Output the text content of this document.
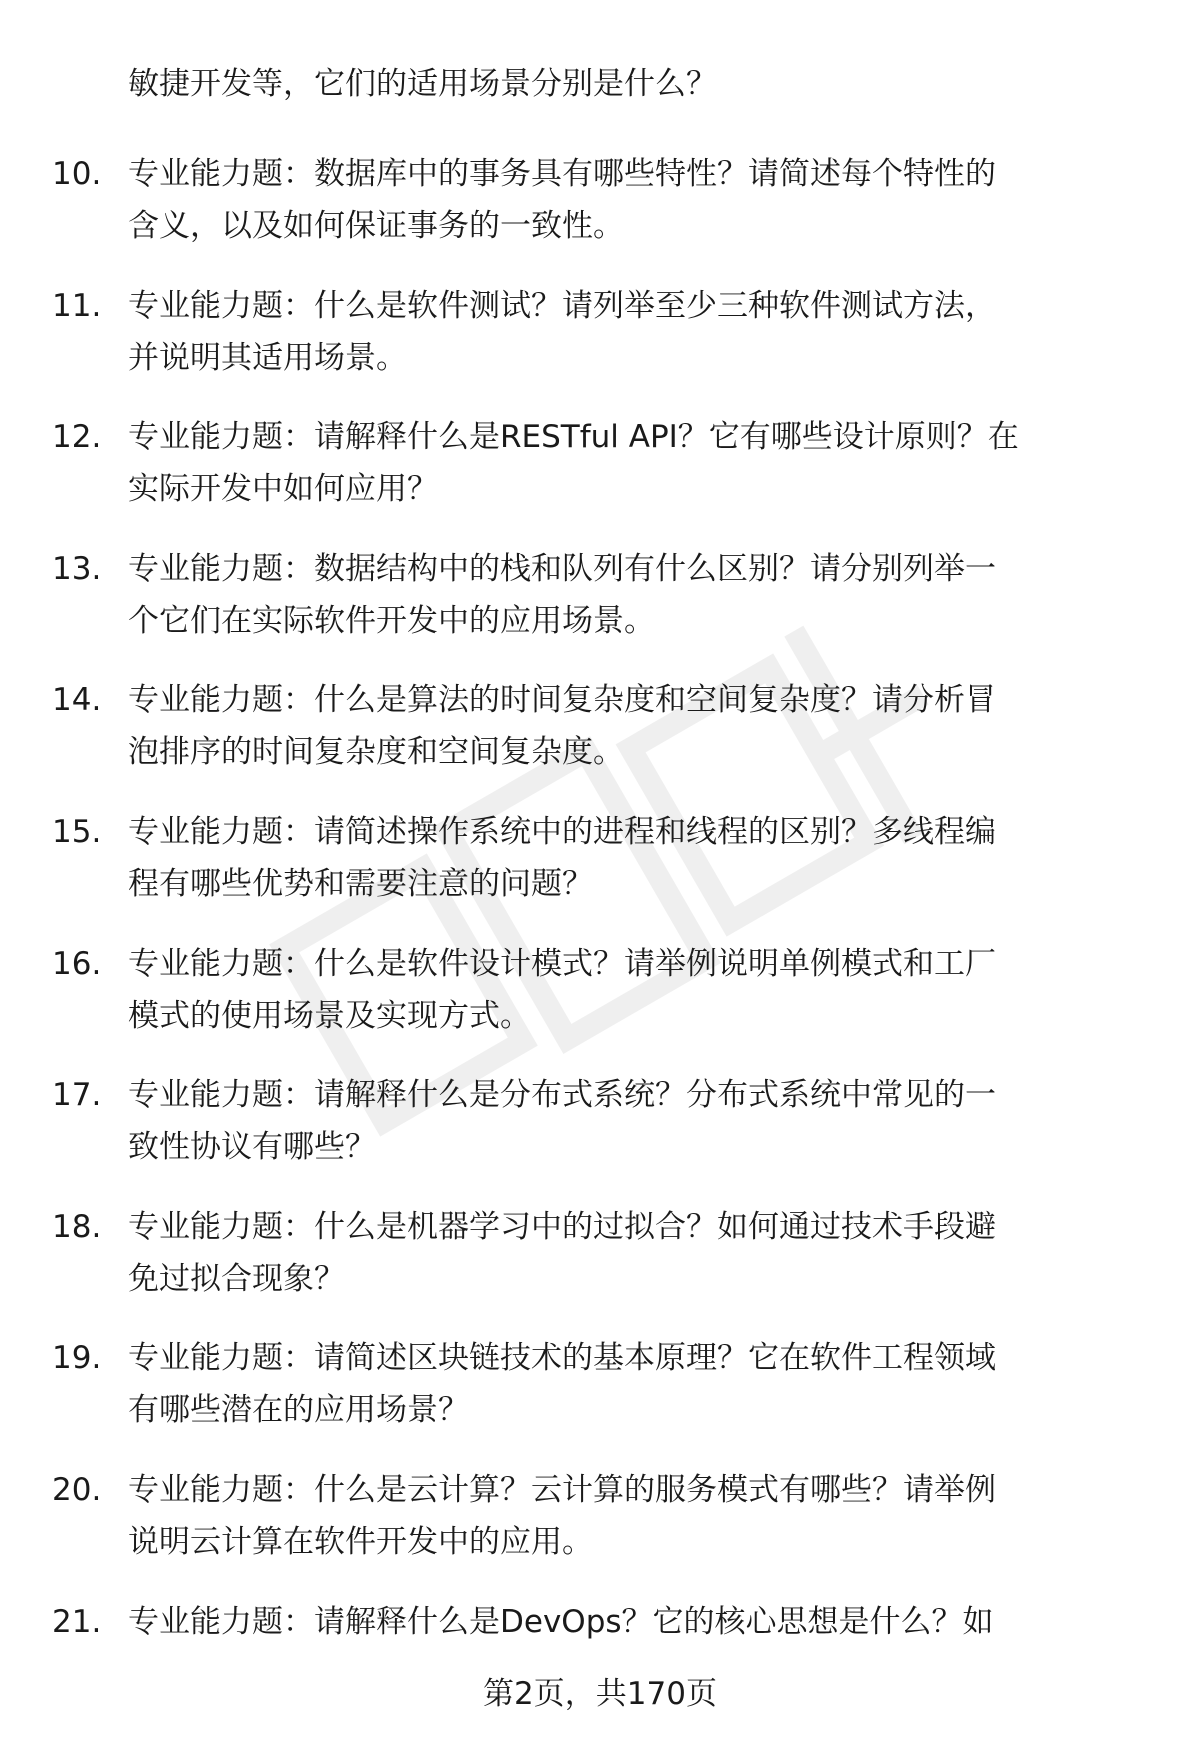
敏捷开发等，它们的适用场景分别是什么？
10. 专业能力题：数据库中的事务具有哪些特性？请简述每个特性的
含义，以及如何保证事务的一致性。
11. 专业能力题：什么是软件测试？请列举至少三种软件测试方法，
并说明其适用场景。
12. 专业能力题：请解释什么是RESTful API？它有哪些设计原则？在
实际开发中如何应用？
13. 专业能力题：数据结构中的栈和队列有什么区别？请分别列举一
个它们在实际软件开发中的应用场景。
14. 专业能力题：什么是算法的时间复杂度和空间复杂度？请分析冒
泡排序的时间复杂度和空间复杂度。
15. 专业能力题：请简述操作系统中的进程和线程的区别？多线程编
程有哪些优势和需要注意的问题？
16. 专业能力题：什么是软件设计模式？请举例说明单例模式和工厂
模式的使用场景及实现方式。
17. 专业能力题：请解释什么是分布式系统？分布式系统中常见的一
致性协议有哪些？
18. 专业能力题：什么是机器学习中的过拟合？如何通过技术手段避
免过拟合现象？
19. 专业能力题：请简述区块链技术的基本原理？它在软件工程领域
有哪些潜在的应用场景？
20. 专业能力题：什么是云计算？云计算的服务模式有哪些？请举例
说明云计算在软件开发中的应用。
21. 专业能力题：请解释什么是DevOps？它的核心思想是什么？如
第2页，共170页
